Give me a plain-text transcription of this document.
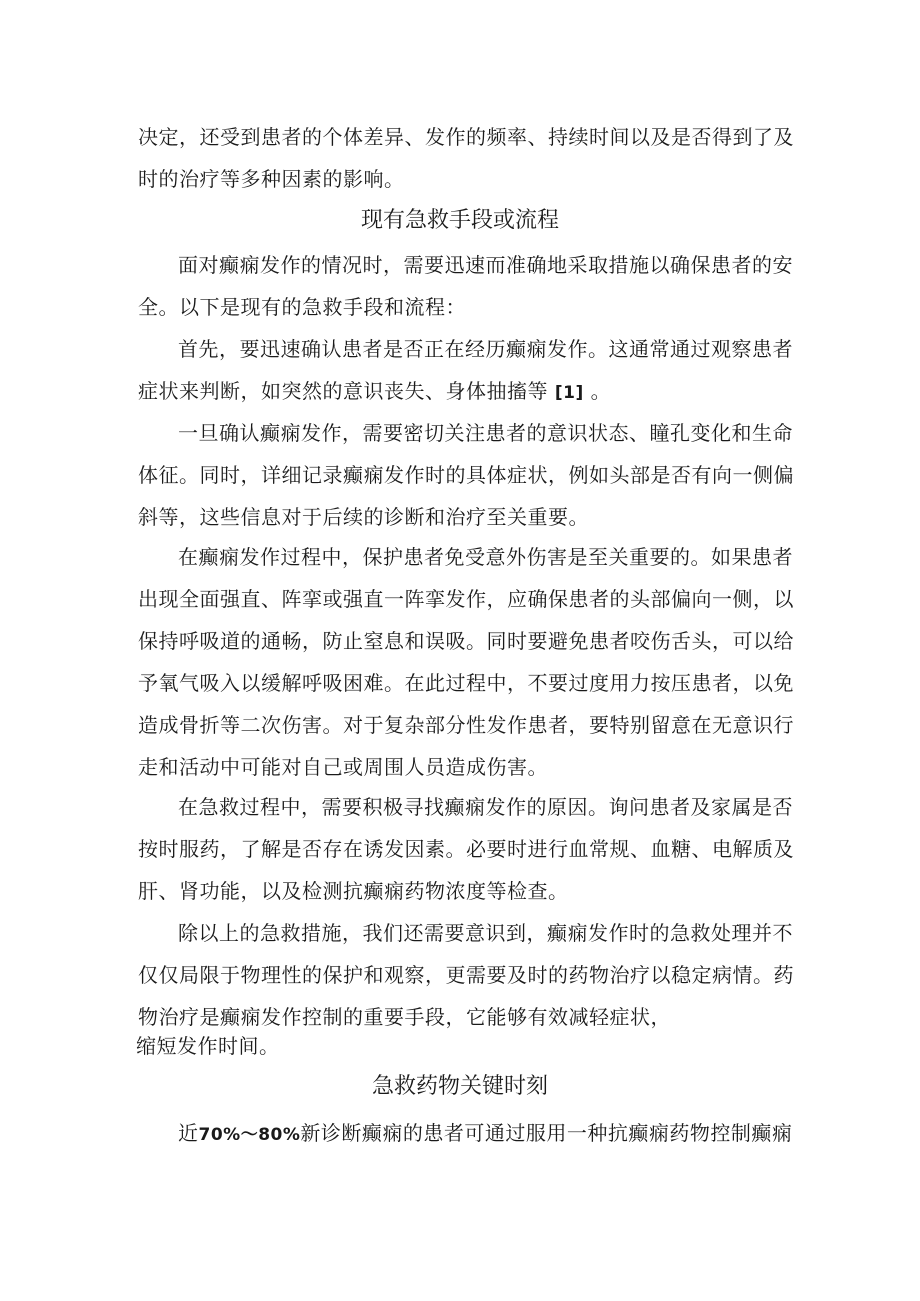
决定，还受到患者的个体差异、发作的频率、持续时间以及是否得到了及
时的治疗等多种因素的影响。

现有急救手段或流程

面对癫痫发作的情况时，需要迅速而准确地采取措施以确保患者的安
全。以下是现有的急救手段和流程：

首先，要迅速确认患者是否正在经历癫痫发作。这通常通过观察患者
症状来判断，如突然的意识丧失、身体抽搐等 [1] 。

一旦确认癫痫发作，需要密切关注患者的意识状态、瞳孔变化和生命
体征。同时，详细记录癫痫发作时的具体症状，例如头部是否有向一侧偏
斜等，这些信息对于后续的诊断和治疗至关重要。

在癫痫发作过程中，保护患者免受意外伤害是至关重要的。如果患者
出现全面强直、阵挛或强直一阵挛发作，应确保患者的头部偏向一侧，以
保持呼吸道的通畅，防止窒息和误吸。同时要避免患者咬伤舌头，可以给
予氧气吸入以缓解呼吸困难。在此过程中，不要过度用力按压患者，以免
造成骨折等二次伤害。对于复杂部分性发作患者，要特别留意在无意识行
走和活动中可能对自己或周围人员造成伤害。

在急救过程中，需要积极寻找癫痫发作的原因。询问患者及家属是否
按时服药，了解是否存在诱发因素。必要时进行血常规、血糖、电解质及
肝、肾功能，以及检测抗癫痫药物浓度等检查。

除以上的急救措施，我们还需要意识到，癫痫发作时的急救处理并不
仅仅局限于物理性的保护和观察，更需要及时的药物治疗以稳定病情。药
物治疗是癫痫发作控制的重要手段，它能够有效减轻症状，

缩短发作时间。

急救药物关键时刻

近70%～80%新诊断癫痫的患者可通过服用一种抗癫痫药物控制癫痫
